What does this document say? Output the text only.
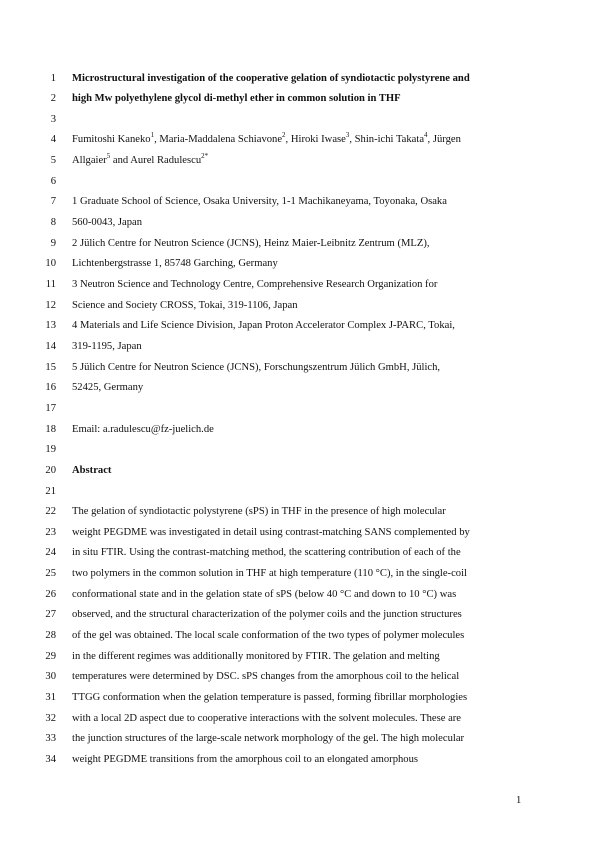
1 Microstructural investigation of the cooperative gelation of syndiotactic polystyrene and
2 high Mw polyethylene glycol di-methyl ether in common solution in THF
3
4 Fumitoshi Kaneko$^1$, Maria-Maddalena Schiavone$^2$, Hiroki Iwase$^3$, Shin-ichi Takata$^4$, Jürgen
5 Allgaier$^5$ and Aurel Radulescu$^{2*}$
6
7 1 Graduate School of Science, Osaka University, 1-1 Machikaneyama, Toyonaka, Osaka
8 560-0043, Japan
9 2 Jülich Centre for Neutron Science (JCNS), Heinz Maier-Leibnitz Zentrum (MLZ),
10 Lichtenbergstrasse 1, 85748 Garching, Germany
11 3 Neutron Science and Technology Centre, Comprehensive Research Organization for
12 Science and Society CROSS, Tokai, 319-1106, Japan
13 4 Materials and Life Science Division, Japan Proton Accelerator Complex J-PARC, Tokai,
14 319-1195, Japan
15 5 Jülich Centre for Neutron Science (JCNS), Forschungszentrum Jülich GmbH, Jülich,
16 52425, Germany
17
18 Email: a.radulescu@fz-juelich.de
19
20 Abstract
21
22 The gelation of syndiotactic polystyrene (sPS) in THF in the presence of high molecular
23 weight PEGDME was investigated in detail using contrast-matching SANS complemented by
24 in situ FTIR. Using the contrast-matching method, the scattering contribution of each of the
25 two polymers in the common solution in THF at high temperature (110 °C), in the single-coil
26 conformational state and in the gelation state of sPS (below 40 °C and down to 10 °C) was
27 observed, and the structural characterization of the polymer coils and the junction structures
28 of the gel was obtained. The local scale conformation of the two types of polymer molecules
29 in the different regimes was additionally monitored by FTIR. The gelation and melting
30 temperatures were determined by DSC. sPS changes from the amorphous coil to the helical
31 TTGG conformation when the gelation temperature is passed, forming fibrillar morphologies
32 with a local 2D aspect due to cooperative interactions with the solvent molecules. These are
33 the junction structures of the large-scale network morphology of the gel. The high molecular
34 weight PEGDME transitions from the amorphous coil to an elongated amorphous
1
